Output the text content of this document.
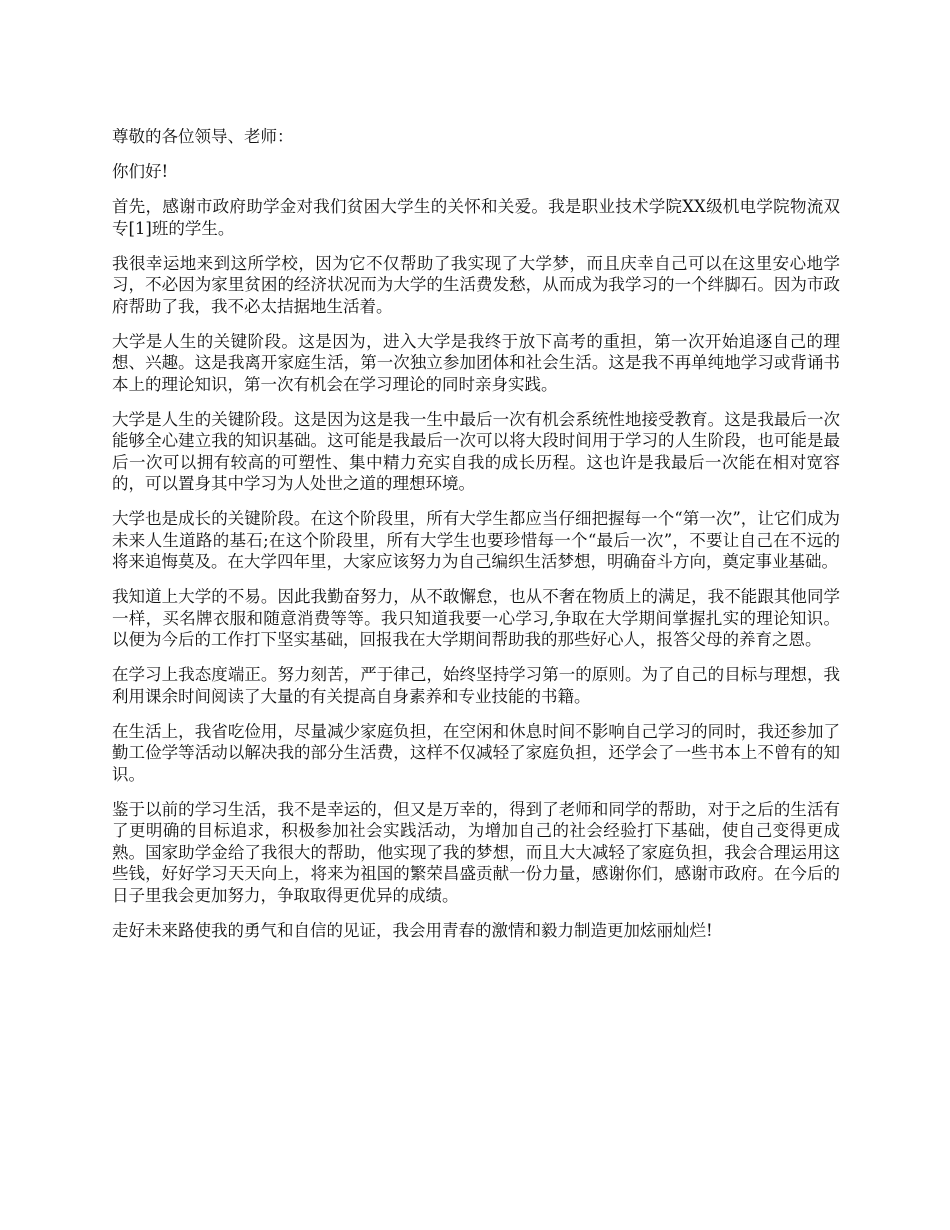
尊敬的各位领导、老师：

你们好!

首先，感谢市政府助学金对我们贫困大学生的关怀和关爱。我是职业技术学院XX级机电学院物流双专[1]班的学生。

我很幸运地来到这所学校，因为它不仅帮助了我实现了大学梦，而且庆幸自己可以在这里安心地学习，不必因为家里贫困的经济状况而为大学的生活费发愁，从而成为我学习的一个绊脚石。因为市政府帮助了我，我不必太拮据地生活着。

大学是人生的关键阶段。这是因为，进入大学是我终于放下高考的重担，第一次开始追逐自己的理想、兴趣。这是我离开家庭生活，第一次独立参加团体和社会生活。这是我不再单纯地学习或背诵书本上的理论知识，第一次有机会在学习理论的同时亲身实践。

大学是人生的关键阶段。这是因为这是我一生中最后一次有机会系统性地接受教育。这是我最后一次能够全心建立我的知识基础。这可能是我最后一次可以将大段时间用于学习的人生阶段，也可能是最后一次可以拥有较高的可塑性、集中精力充实自我的成长历程。这也许是我最后一次能在相对宽容的，可以置身其中学习为人处世之道的理想环境。

大学也是成长的关键阶段。在这个阶段里，所有大学生都应当仔细把握每一个“第一次”，让它们成为未来人生道路的基石;在这个阶段里，所有大学生也要珍惜每一个“最后一次”，不要让自己在不远的将来追悔莫及。在大学四年里，大家应该努力为自己编织生活梦想，明确奋斗方向，奠定事业基础。

我知道上大学的不易。因此我勤奋努力，从不敢懈怠，也从不奢在物质上的满足，我不能跟其他同学一样，买名牌衣服和随意消费等等。我只知道我要一心学习,争取在大学期间掌握扎实的理论知识。以便为今后的工作打下坚实基础，回报我在大学期间帮助我的那些好心人，报答父母的养育之恩。

在学习上我态度端正。努力刻苦，严于律己，始终坚持学习第一的原则。为了自己的目标与理想，我利用课余时间阅读了大量的有关提高自身素养和专业技能的书籍。

在生活上，我省吃俭用，尽量减少家庭负担，在空闲和休息时间不影响自己学习的同时，我还参加了勤工俭学等活动以解决我的部分生活费，这样不仅减轻了家庭负担，还学会了一些书本上不曾有的知识。

鉴于以前的学习生活，我不是幸运的，但又是万幸的，得到了老师和同学的帮助，对于之后的生活有了更明确的目标追求，积极参加社会实践活动，为增加自己的社会经验打下基础，使自己变得更成熟。国家助学金给了我很大的帮助，他实现了我的梦想，而且大大减轻了家庭负担，我会合理运用这些钱，好好学习天天向上，将来为祖国的繁荣昌盛贡献一份力量，感谢你们，感谢市政府。在今后的日子里我会更加努力，争取取得更优异的成绩。

走好未来路使我的勇气和自信的见证，我会用青春的激情和毅力制造更加炫丽灿烂!
